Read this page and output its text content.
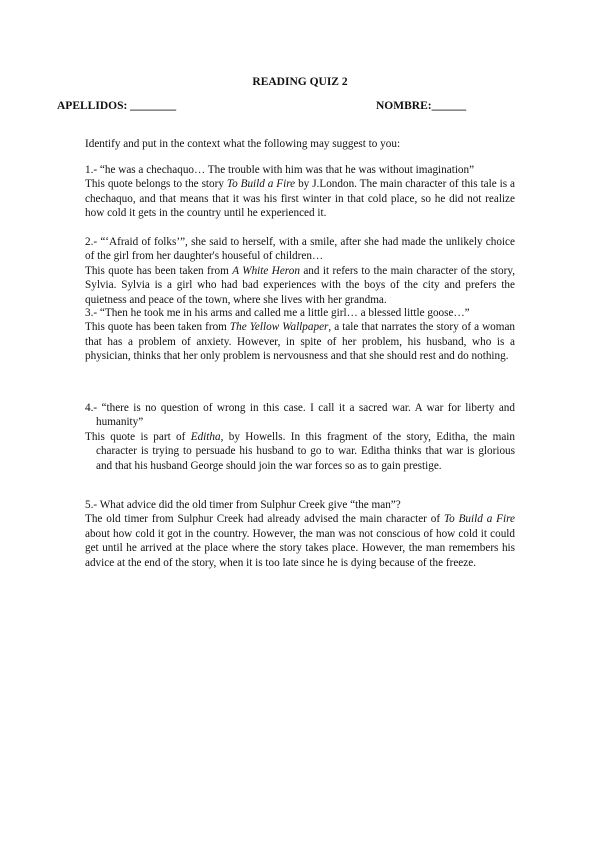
READING QUIZ 2
APELLIDOS: ________	NOMBRE:______
Identify and put in the context what the following may suggest to you:

1.- “he was a chechaquo… The trouble with him was that he was without imagination”

This quote belongs to the story To Build a Fire by J.London. The main character of this tale is a chechaquo, and that means that it was his first winter in that cold place, so he did not realize how cold it gets in the country until he experienced it.

2.- “‘Afraid of folks’”, she said to herself, with a smile, after she had made the unlikely choice of the girl from her daughter's houseful of children…

This quote has been taken from A White Heron and it refers to the main character of the story, Sylvia. Sylvia is a girl who had bad experiences with the boys of the city and prefers the quietness and peace of the town, where she lives with her grandma.

3.- “Then he took me in his arms and called me a little girl… a blessed little goose…”

This quote has been taken from The Yellow Wallpaper, a tale that narrates the story of a woman that has a problem of anxiety. However, in spite of her problem, his husband, who is a physician, thinks that her only problem is nervousness and that she should rest and do nothing.

4.- “there is no question of wrong in this case. I call it a sacred war. A war for liberty and humanity”

This quote is part of Editha, by Howells. In this fragment of the story, Editha, the main character is trying to persuade his husband to go to war. Editha thinks that war is glorious and that his husband George should join the war forces so as to gain prestige.

5.- What advice did the old timer from Sulphur Creek give “the man”?

The old timer from Sulphur Creek had already advised the main character of To Build a Fire about how cold it got in the country. However, the man was not conscious of how cold it could get until he arrived at the place where the story takes place. However, the man remembers his advice at the end of the story, when it is too late since he is dying because of the freeze.
